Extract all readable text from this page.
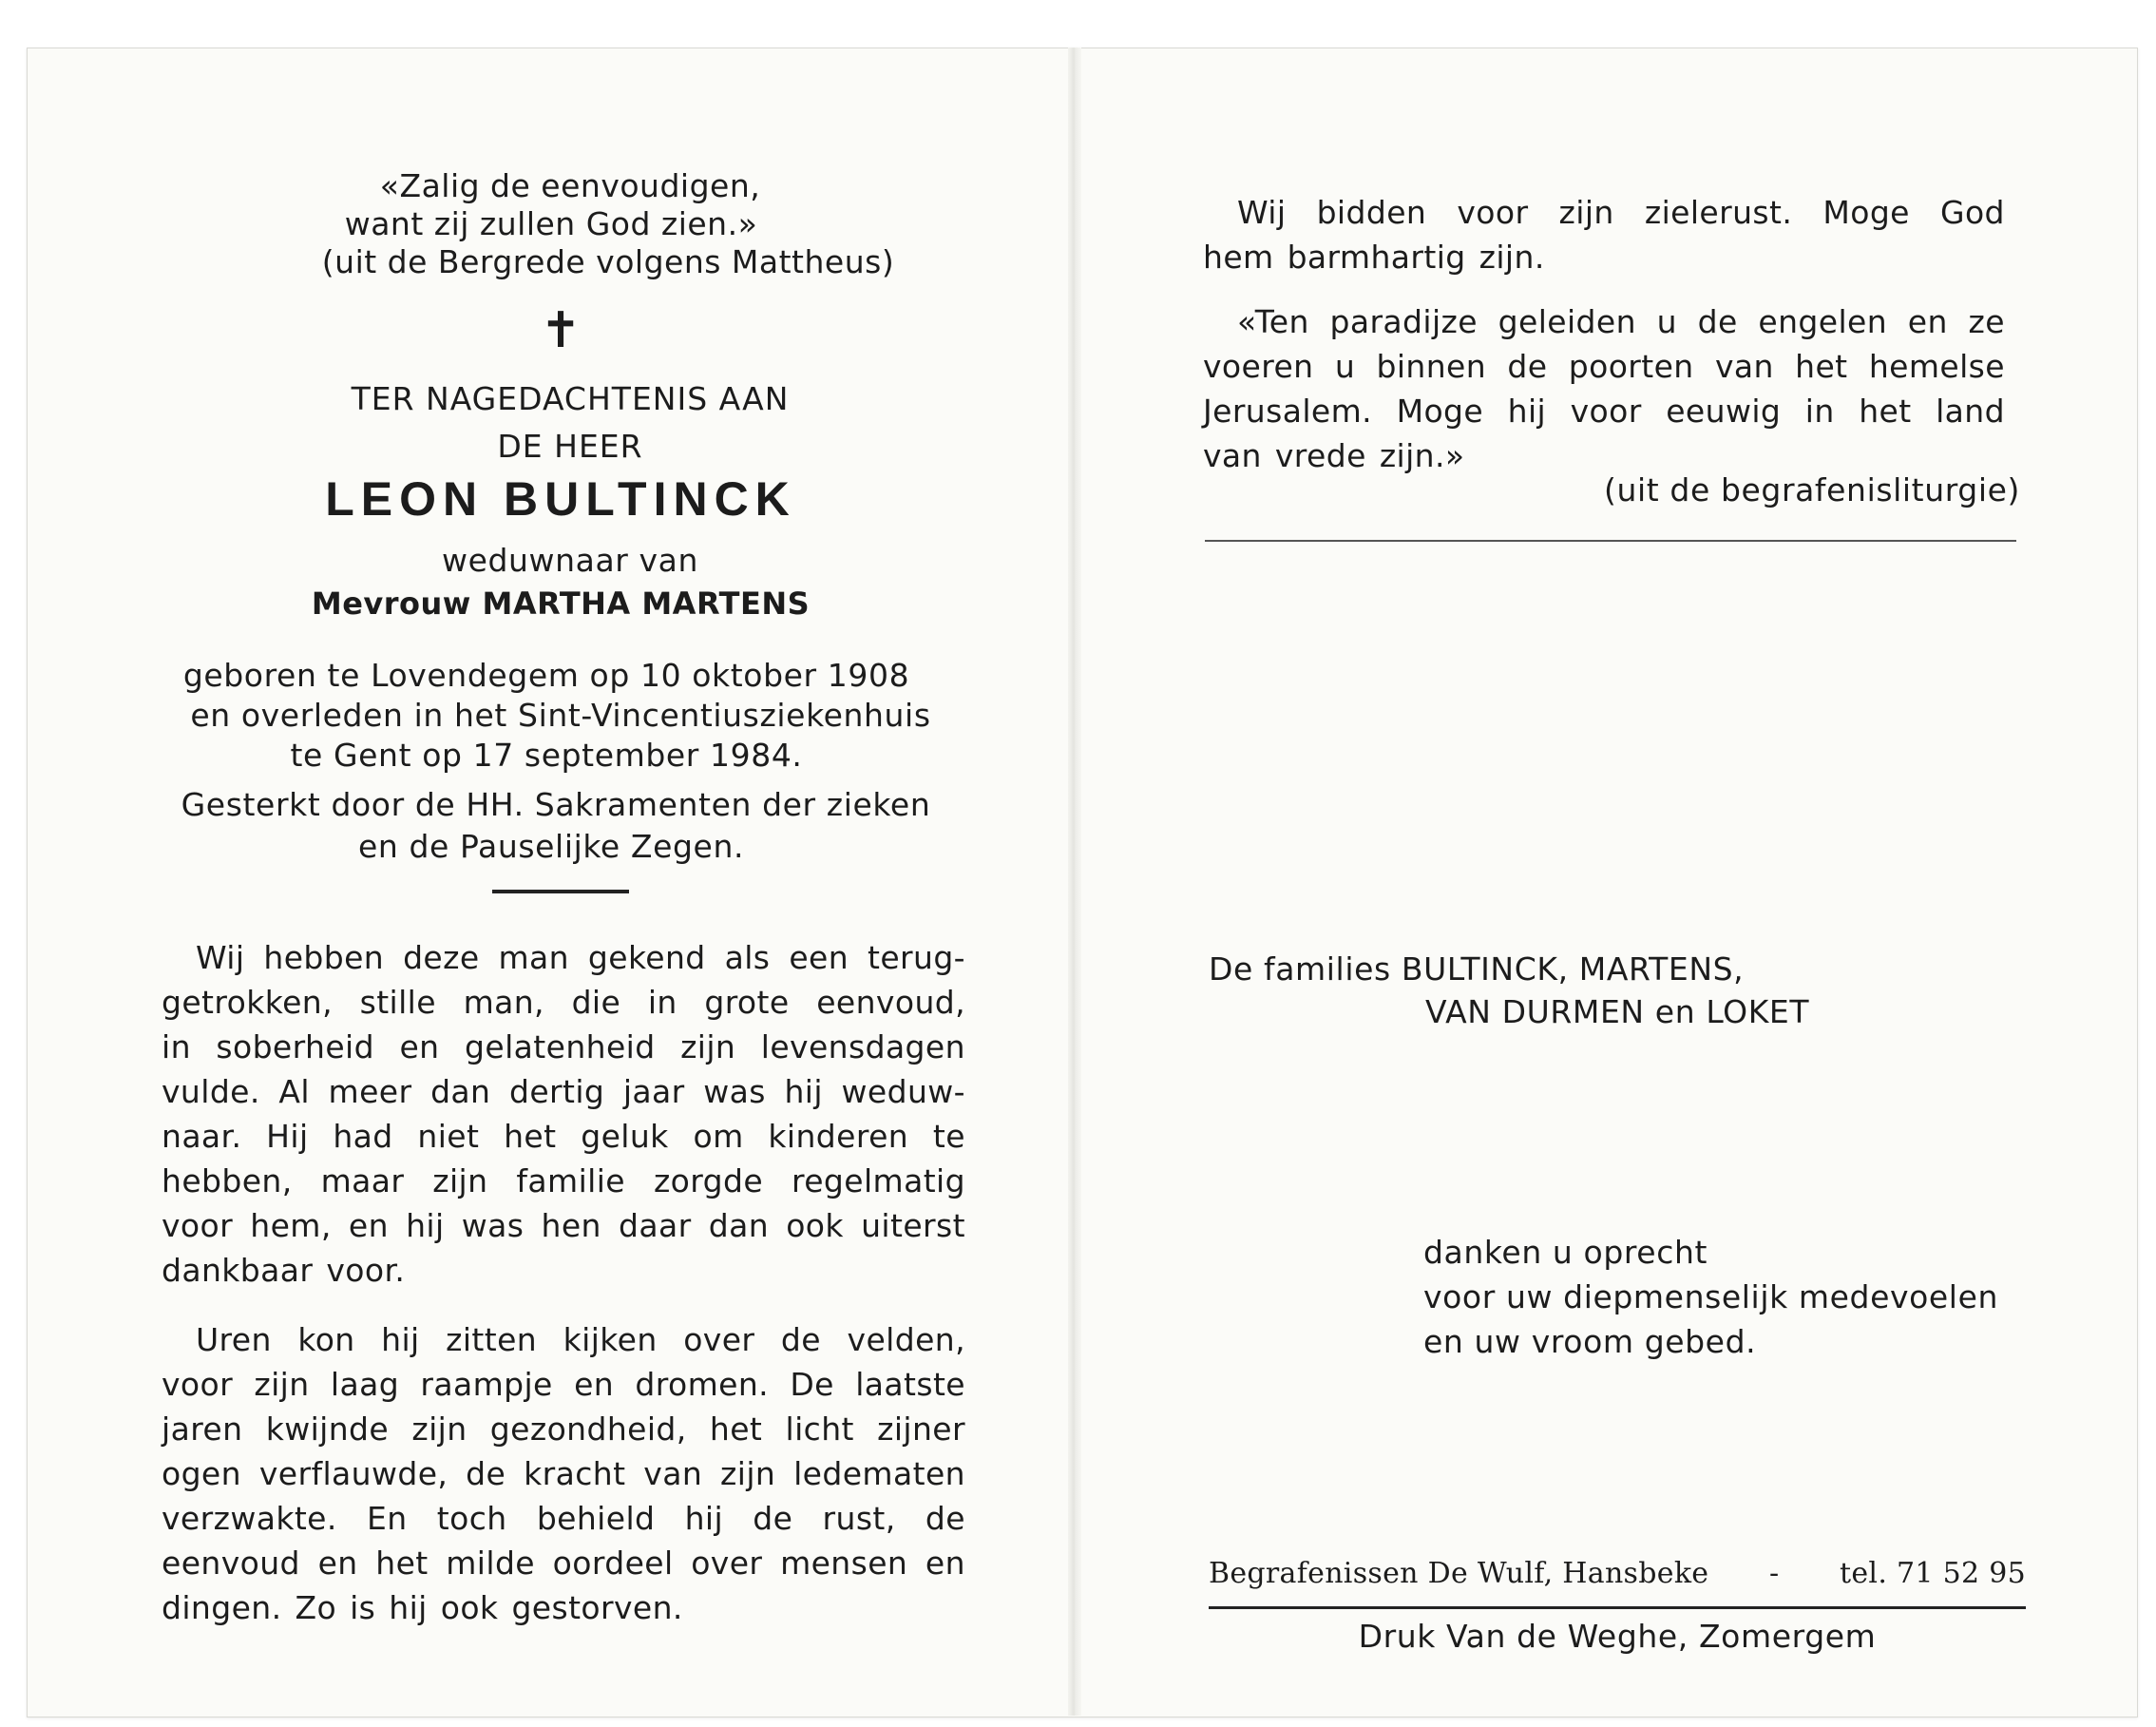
«Zalig de eenvoudigen,
want zij zullen God zien.»
(uit de Bergrede volgens Mattheus)
✝
TER NAGEDACHTENIS AAN
DE HEER
LEON BULTINCK
weduwnaar van
Mevrouw MARTHA MARTENS
geboren te Lovendegem op 10 oktober 1908
en overleden in het Sint-Vincentiusziekenhuis
te Gent op 17 september 1984.
Gesterkt door de HH. Sakramenten der zieken
en de Pauselijke Zegen.
Wij hebben deze man gekend als een terug-
getrokken, stille man, die in grote eenvoud,
in soberheid en gelatenheid zijn levensdagen
vulde. Al meer dan dertig jaar was hij weduw-
naar. Hij had niet het geluk om kinderen te
hebben, maar zijn familie zorgde regelmatig
voor hem, en hij was hen daar dan ook uiterst
dankbaar voor.
Uren kon hij zitten kijken over de velden,
voor zijn laag raampje en dromen. De laatste
jaren kwijnde zijn gezondheid, het licht zijner
ogen verflauwde, de kracht van zijn ledematen
verzwakte. En toch behield hij de rust, de
eenvoud en het milde oordeel over mensen en
dingen. Zo is hij ook gestorven.
Wij bidden voor zijn zielerust. Moge God
hem barmhartig zijn.
«Ten paradijze geleiden u de engelen en ze
voeren u binnen de poorten van het hemelse
Jerusalem. Moge hij voor eeuwig in het land
van vrede zijn.»
(uit de begrafenisliturgie)
De families BULTINCK, MARTENS,
VAN DURMEN en LOKET
danken u oprecht
voor uw diepmenselijk medevoelen
en uw vroom gebed.
Begrafenissen De Wulf, Hansbeke - tel. 71 52 95
Druk Van de Weghe, Zomergem
